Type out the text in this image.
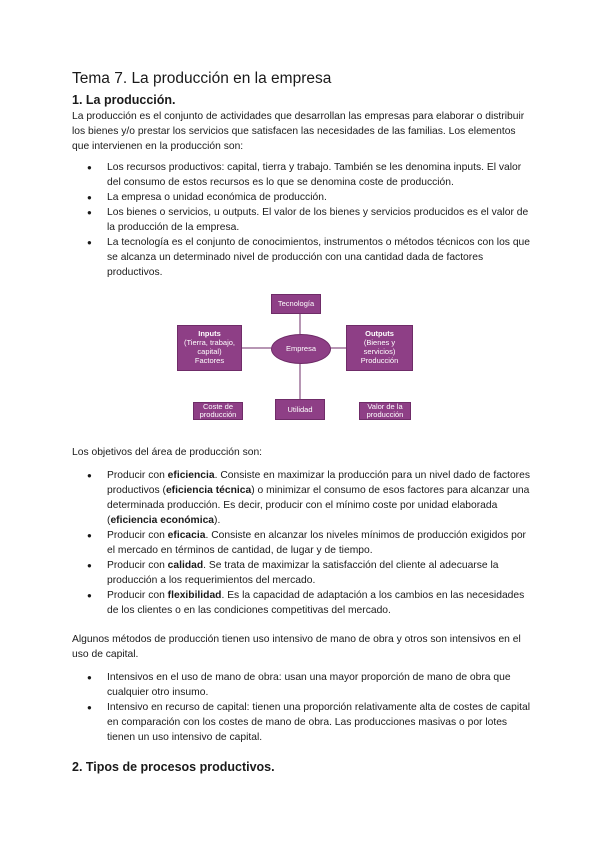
Tema 7. La producción en la empresa
1. La producción.

La producción es el conjunto de actividades que desarrollan las empresas para elaborar o distribuir los bienes y/o prestar los servicios que satisfacen las necesidades de las familias. Los elementos que intervienen en la producción son:

● Los recursos productivos: capital, tierra y trabajo. También se les denomina inputs. El valor del consumo de estos recursos es lo que se denomina coste de producción.
● La empresa o unidad económica de producción.
● Los bienes o servicios, u outputs. El valor de los bienes y servicios producidos es el valor de la producción de la empresa.
● La tecnología es el conjunto de conocimientos, instrumentos o métodos técnicos con los que se alcanza un determinado nivel de producción con una cantidad dada de factores productivos.
Tecnología
Inputs
(Tierra, trabajo,
capital)
Factores
Empresa
Outputs
(Bienes y
servicios)
Producción
Coste de producción
Utilidad	Valor de la producción

Los objetivos del área de producción son:

● Producir con eficiencia. Consiste en maximizar la producción para un nivel dado de factores productivos (eficiencia técnica) o minimizar el consumo de esos factores para alcanzar una determinada producción. Es decir, producir con el mínimo coste por unidad elaborada (eficiencia económica).
● Producir con eficacia. Consiste en alcanzar los niveles mínimos de producción exigidos por el mercado en términos de cantidad, de lugar y de tiempo.
● Producir con calidad. Se trata de maximizar la satisfacción del cliente al adecuarse la producción a los requerimientos del mercado.
● Producir con flexibilidad. Es la capacidad de adaptación a los cambios en las necesidades de los clientes o en las condiciones competitivas del mercado.

Algunos métodos de producción tienen uso intensivo de mano de obra y otros son intensivos en el uso de capital.

● Intensivos en el uso de mano de obra: usan una mayor proporción de mano de obra que cualquier otro insumo.
● Intensivo en recurso de capital: tienen una proporción relativamente alta de costes de capital en comparación con los costes de mano de obra. Las producciones masivas o por lotes tienen un uso intensivo de capital.
2. Tipos de procesos productivos.
